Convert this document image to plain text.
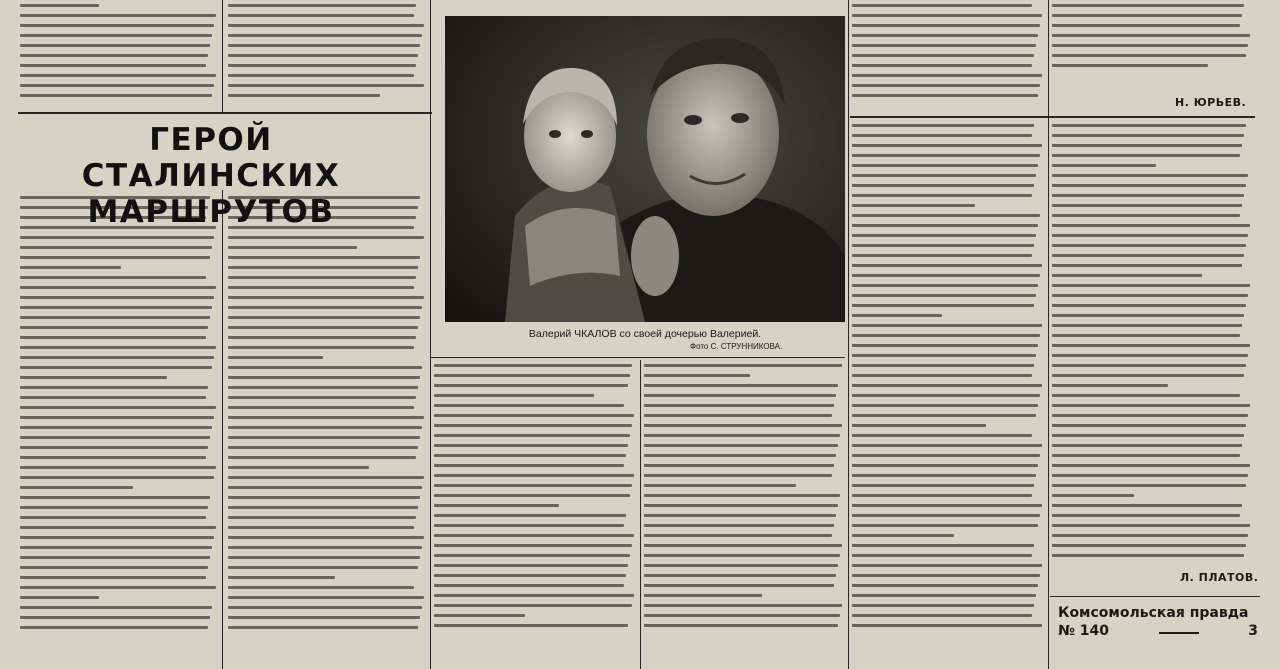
ГЕРОЙ СТАЛИНСКИХ
МАРШРУТОВ
Валерий ЧКАЛОВ со своей дочерью Валерией.
Фото С. СТРУННИКОВА.
Н. ЮРЬЕВ.
Л. ПЛАТОВ.
Комсомольская правда
№ 140	3
